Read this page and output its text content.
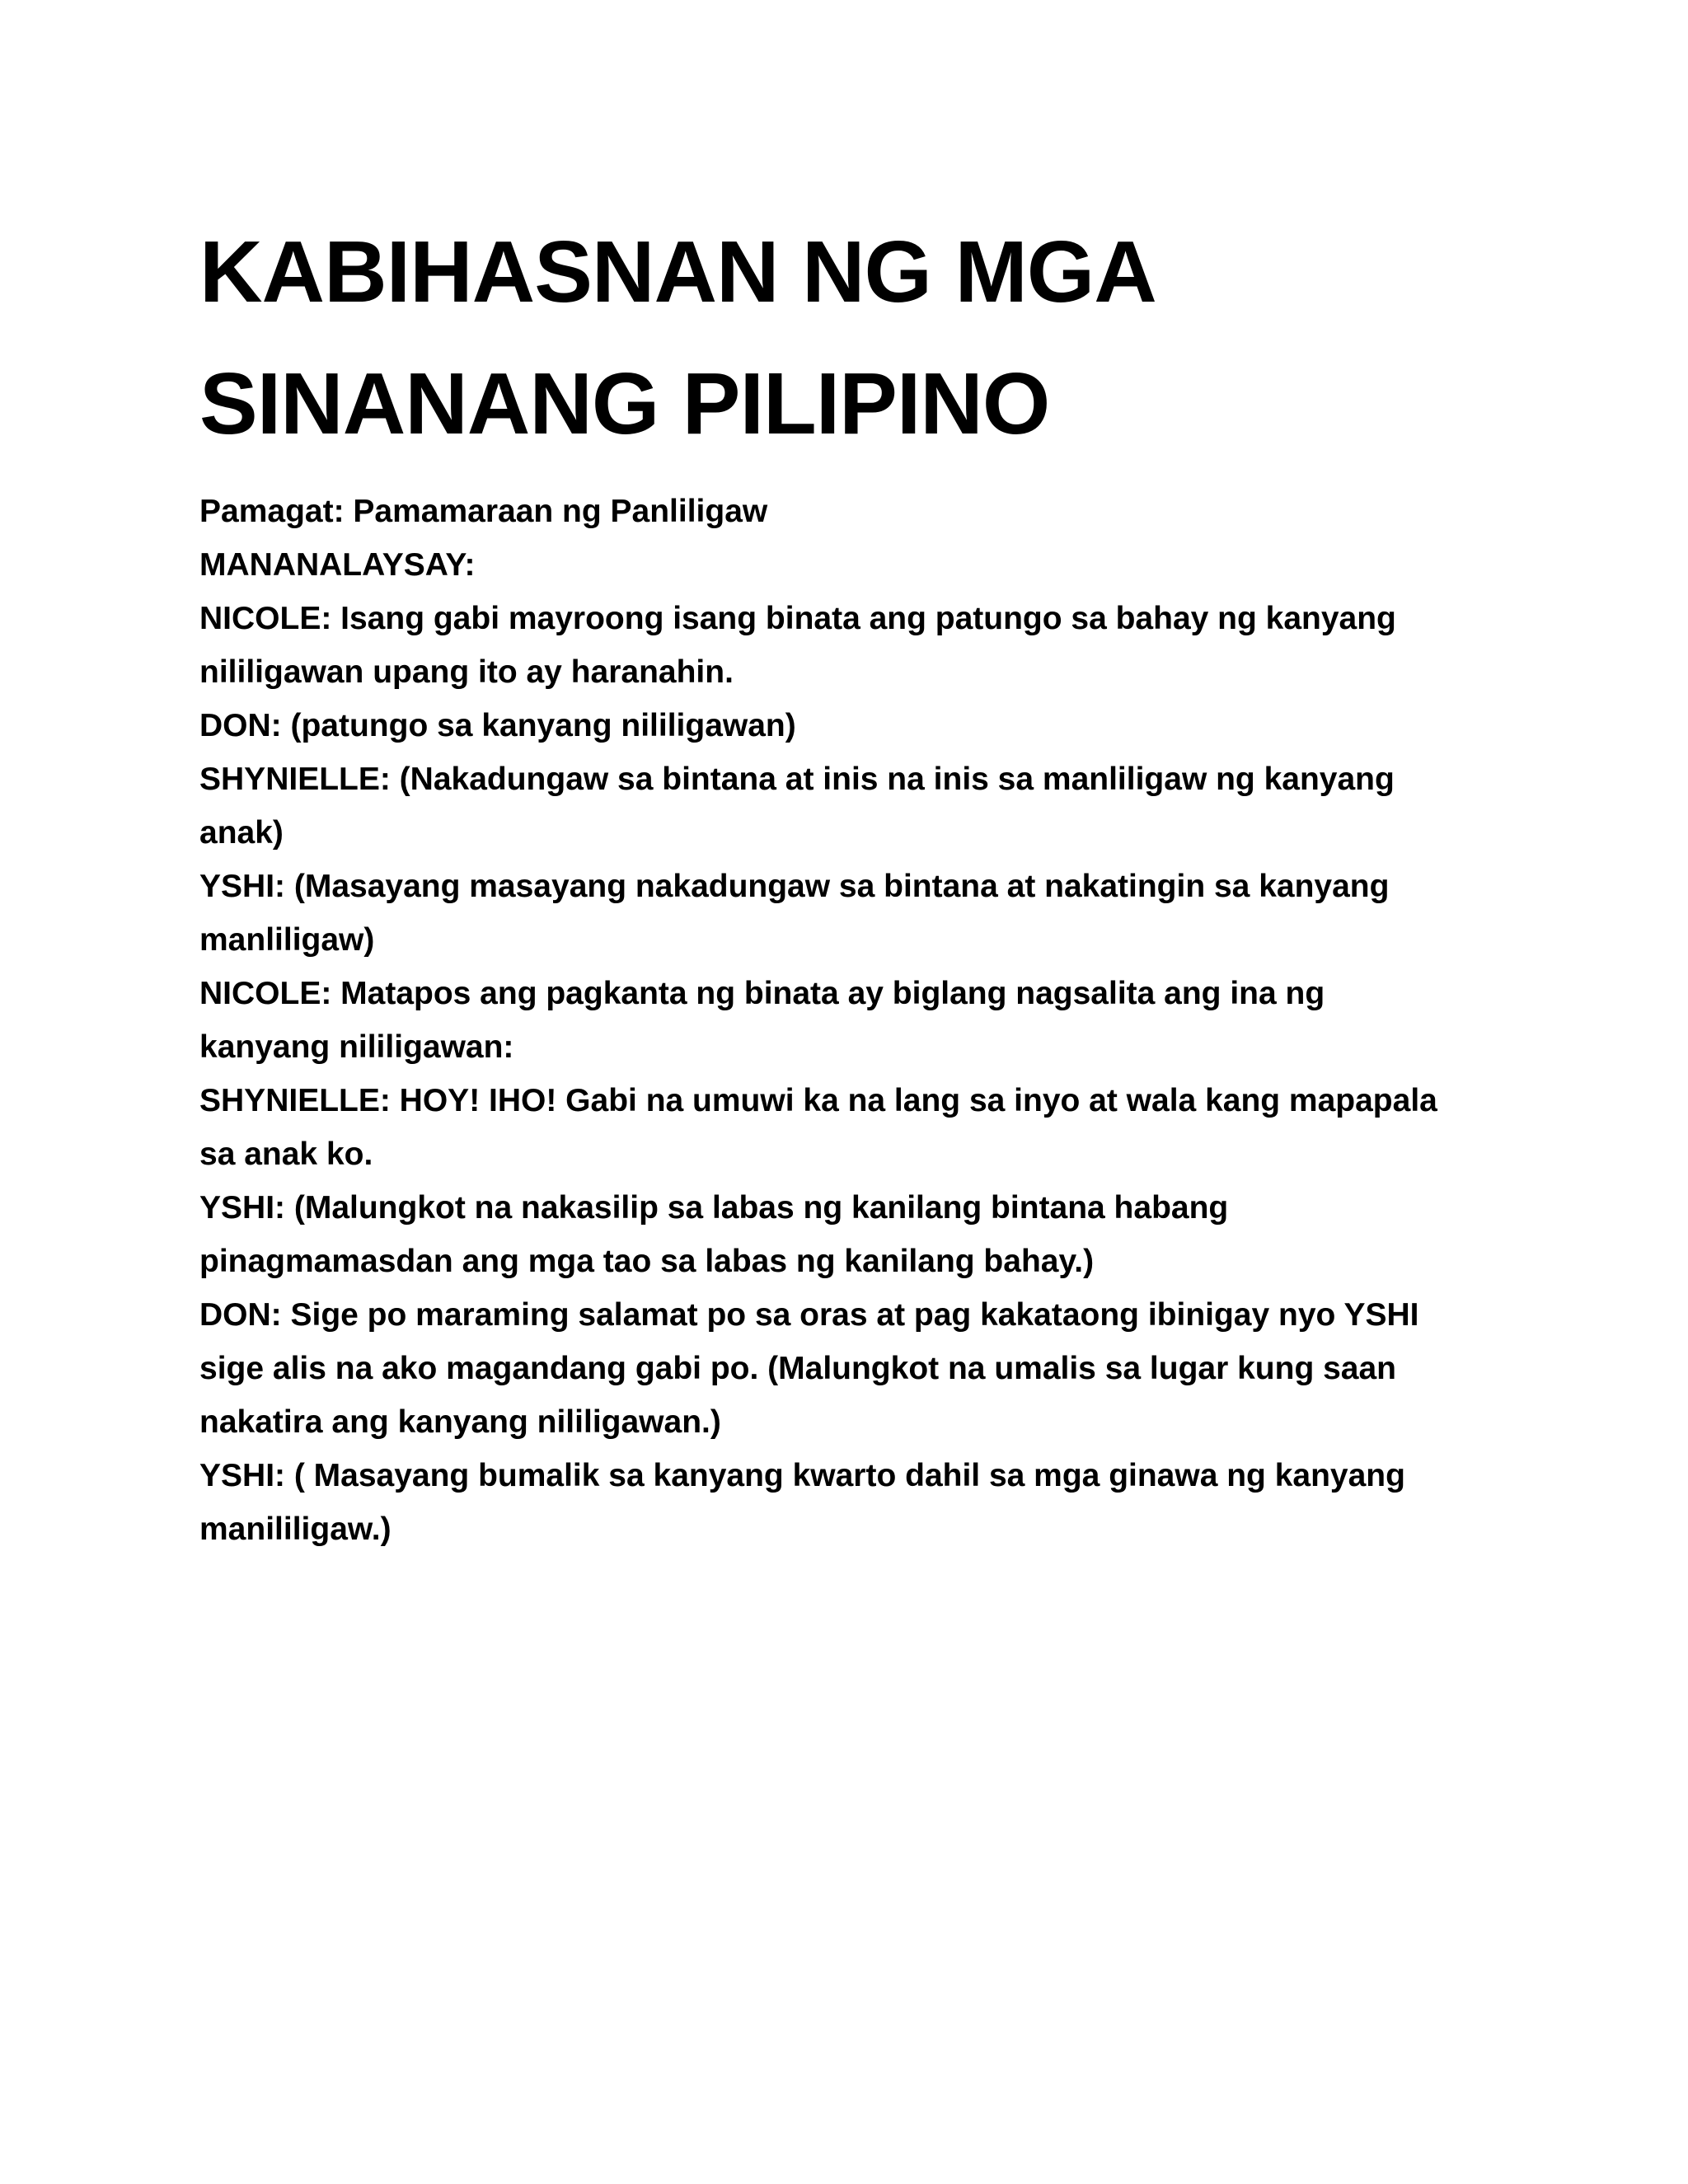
KABIHASNAN NG MGA
SINANANG PILIPINO

Pamagat: Pamamaraan ng Panliligaw

MANANALAYSAY:

NICOLE: Isang gabi mayroong isang binata ang patungo sa bahay ng kanyang

nililigawan upang ito ay haranahin.

DON: (patungo sa kanyang nililigawan)

SHYNIELLE: (Nakadungaw sa bintana at inis na inis sa manliligaw ng kanyang

anak)

YSHI: (Masayang masayang nakadungaw sa bintana at nakatingin sa kanyang

manliligaw)

NICOLE: Matapos ang pagkanta ng binata ay biglang nagsalita ang ina ng

kanyang nililigawan:

SHYNIELLE: HOY! IHO! Gabi na umuwi ka na lang sa inyo at wala kang mapapala

sa anak ko.

YSHI: (Malungkot na nakasilip sa labas ng kanilang bintana habang

pinagmamasdan ang mga tao sa labas ng kanilang bahay.)

DON: Sige po maraming salamat po sa oras at pag kakataong ibinigay nyo YSHI

sige alis na ako magandang gabi po. (Malungkot na umalis sa lugar kung saan

nakatira ang kanyang nililigawan.)

YSHI: ( Masayang bumalik sa kanyang kwarto dahil sa mga ginawa ng kanyang

manililigaw.)
